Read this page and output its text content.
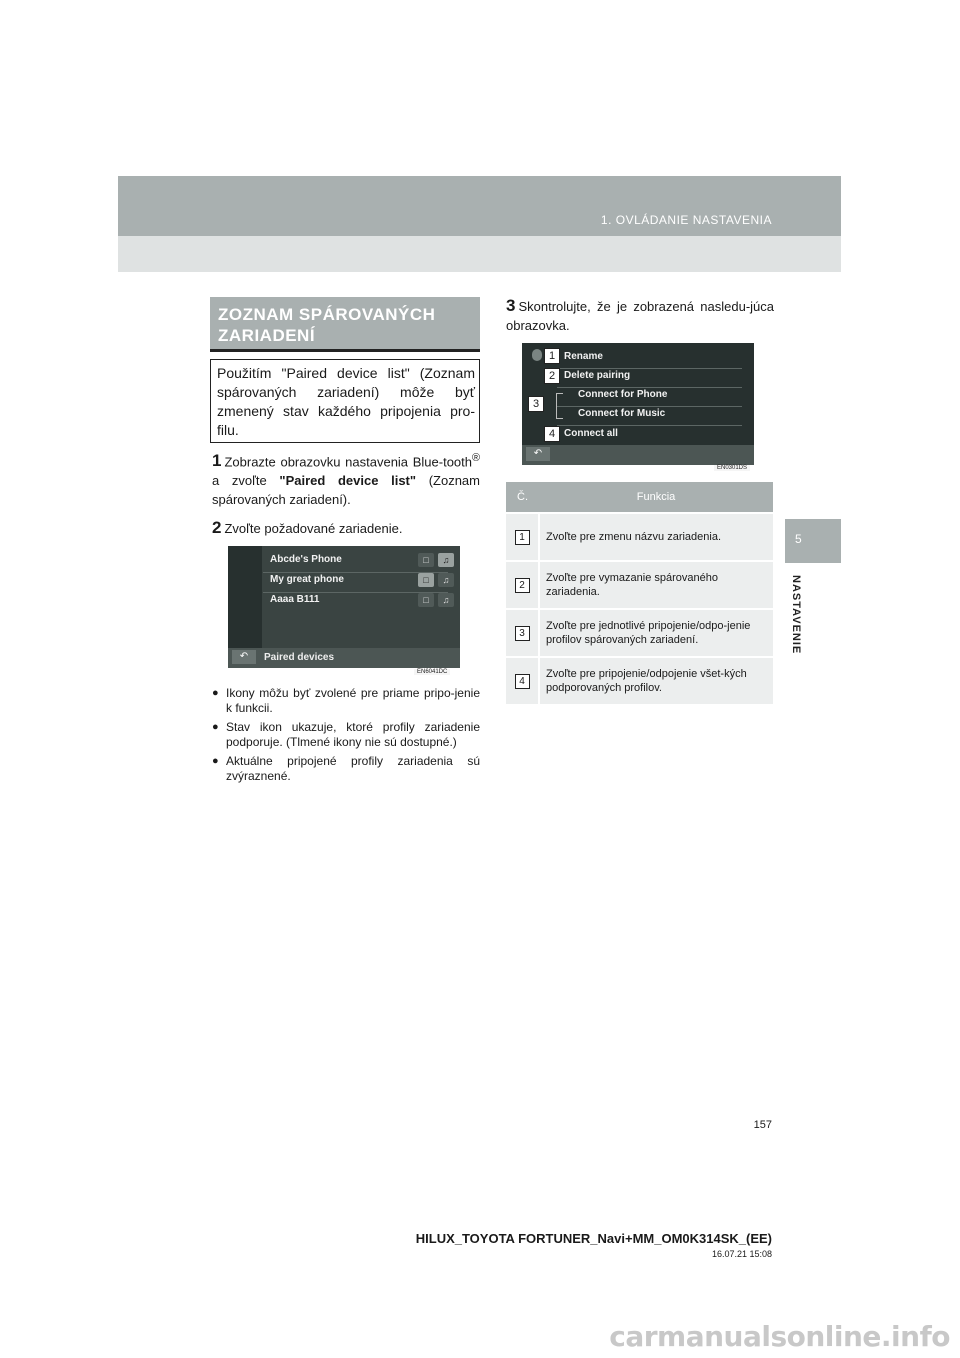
1. OVLÁDANIE NASTAVENIA
5
NASTAVENIE
ZOZNAM SPÁROVANÝCH ZARIADENÍ
Použitím "Paired device list" (Zoznam spárovaných zariadení) môže byť zmenený stav každého pripojenia pro-filu.
1 Zobrazte obrazovku nastavenia Blue-tooth® a zvoľte "Paired device list" (Zoznam spárovaných zariadení).
2 Zvoľte požadované zariadenie.
Abcde's Phone	□	♫
My great phone	□	♫
Aaaa B111	□	♫
↶	Paired devices
EN6041DC
● Ikony môžu byť zvolené pre priame pripo-jenie k funkcii.
● Stav ikon ukazuje, ktoré profily zariadenie podporuje. (Tlmené ikony nie sú dostupné.)
● Aktuálne pripojené profily zariadenia sú zvýraznené.
3 Skontrolujte, že je zobrazená nasledu-júca obrazovka.
Rename
Delete pairing
Connect for Phone
Connect for Music
Connect all
↶
EN0301DS
1
2
3
4
Č.	Funkcia
1	Zvoľte pre zmenu názvu zariadenia.
2	Zvoľte pre vymazanie spárovaného zariadenia.
3	Zvoľte pre jednotlivé pripojenie/odpo-jenie profilov spárovaných zariadení.
4	Zvoľte pre pripojenie/odpojenie všet-kých podporovaných profilov.
157
HILUX_TOYOTA FORTUNER_Navi+MM_OM0K314SK_(EE)
16.07.21 15:08
carmanualsonline.info
